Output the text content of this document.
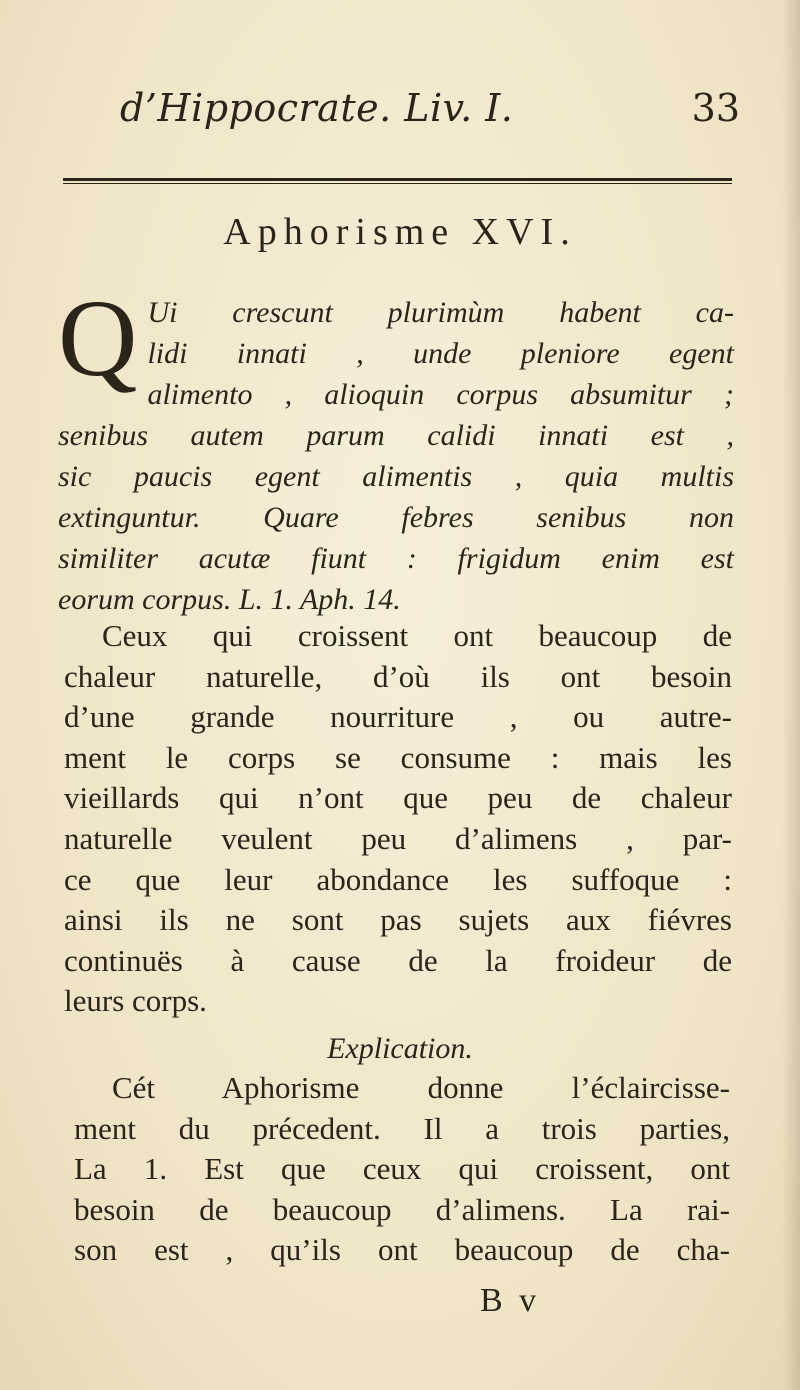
d’Hippocrate. Liv. I.	33
Aphorisme XVI.
Q Ui crescunt plurimùm habent ca-
lidi innati , unde pleniore egent
alimento , alioquin corpus absumitur ;
senibus autem parum calidi innati est ,
sic paucis egent alimentis , quia multis
extinguntur. Quare febres senibus non
similiter acutæ fiunt : frigidum enim est
eorum corpus. L. 1. Aph. 14.
Ceux qui croissent ont beaucoup de
chaleur naturelle, d’où ils ont besoin
d’une grande nourriture , ou autre-
ment le corps se consume : mais les
vieillards qui n’ont que peu de chaleur
naturelle veulent peu d’alimens , par-
ce que leur abondance les suffoque :
ainsi ils ne sont pas sujets aux fiévres
continuës à cause de la froideur de
leurs corps.
Explication.
Cét Aphorisme donne l’éclaircisse-
ment du précedent. Il a trois parties,
La 1. Est que ceux qui croissent, ont
besoin de beaucoup d’alimens. La rai-
son est , qu’ils ont beaucoup de cha-
B v
